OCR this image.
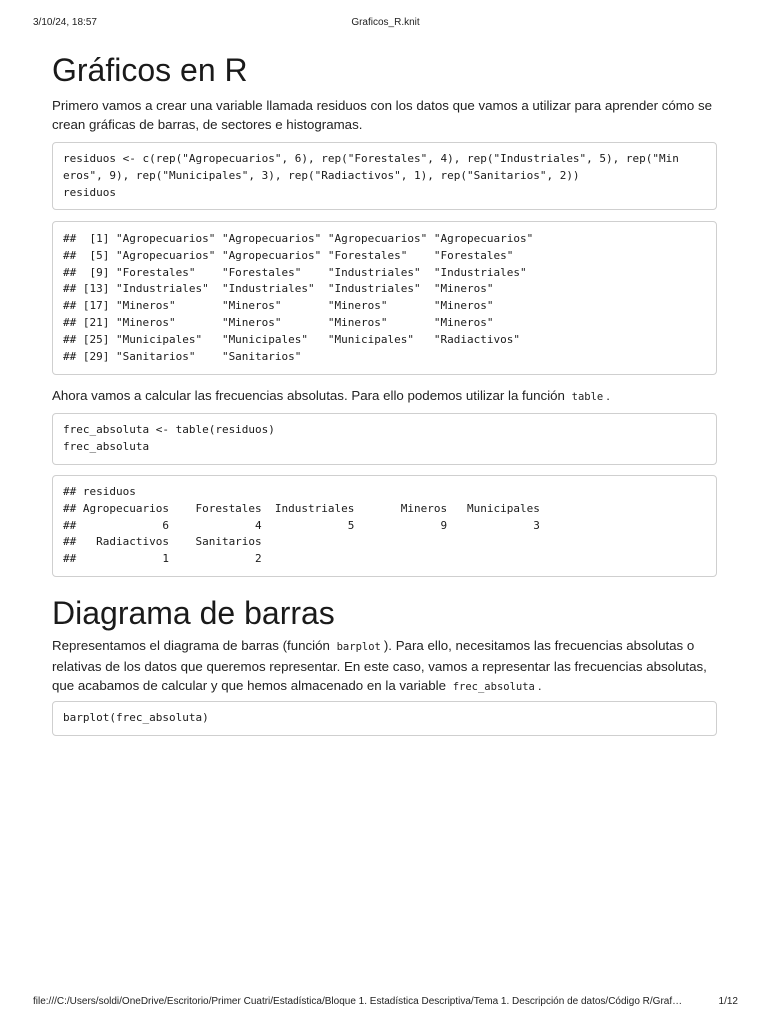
3/10/24, 18:57	Graficos_R.knit
Gráficos en R

Primero vamos a crear una variable llamada residuos con los datos que vamos a utilizar para aprender cómo se crean gráficas de barras, de sectores e histogramas.

residuos <- c(rep("Agropecuarios", 6), rep("Forestales", 4), rep("Industriales", 5), rep("Min
eros", 9), rep("Municipales", 3), rep("Radiactivos", 1), rep("Sanitarios", 2))
residuos
##  [1] "Agropecuarios" "Agropecuarios" "Agropecuarios" "Agropecuarios"
##  [5] "Agropecuarios" "Agropecuarios" "Forestales"    "Forestales"
##  [9] "Forestales"    "Forestales"    "Industriales"  "Industriales"
## [13] "Industriales"  "Industriales"  "Industriales"  "Mineros"
## [17] "Mineros"       "Mineros"       "Mineros"       "Mineros"
## [21] "Mineros"       "Mineros"       "Mineros"       "Mineros"
## [25] "Municipales"   "Municipales"   "Municipales"   "Radiactivos"
## [29] "Sanitarios"    "Sanitarios"

Ahora vamos a calcular las frecuencias absolutas. Para ello podemos utilizar la función table .

frec_absoluta <- table(residuos)
frec_absoluta
## residuos
## Agropecuarios    Forestales  Industriales       Mineros   Municipales
##             6             4             5             9             3
##   Radiactivos    Sanitarios
##             1             2
Diagrama de barras

Representamos el diagrama de barras (función barplot ). Para ello, necesitamos las frecuencias absolutas o relativas de los datos que queremos representar. En este caso, vamos a representar las frecuencias absolutas, que acabamos de calcular y que hemos almacenado en la variable frec_absoluta .

barplot(frec_absoluta)
file:///C:/Users/soldi/OneDrive/Escritorio/Primer Cuatri/Estadística/Bloque 1. Estadística Descriptiva/Tema 1. Descripción de datos/Código R/Graf…	1/12
